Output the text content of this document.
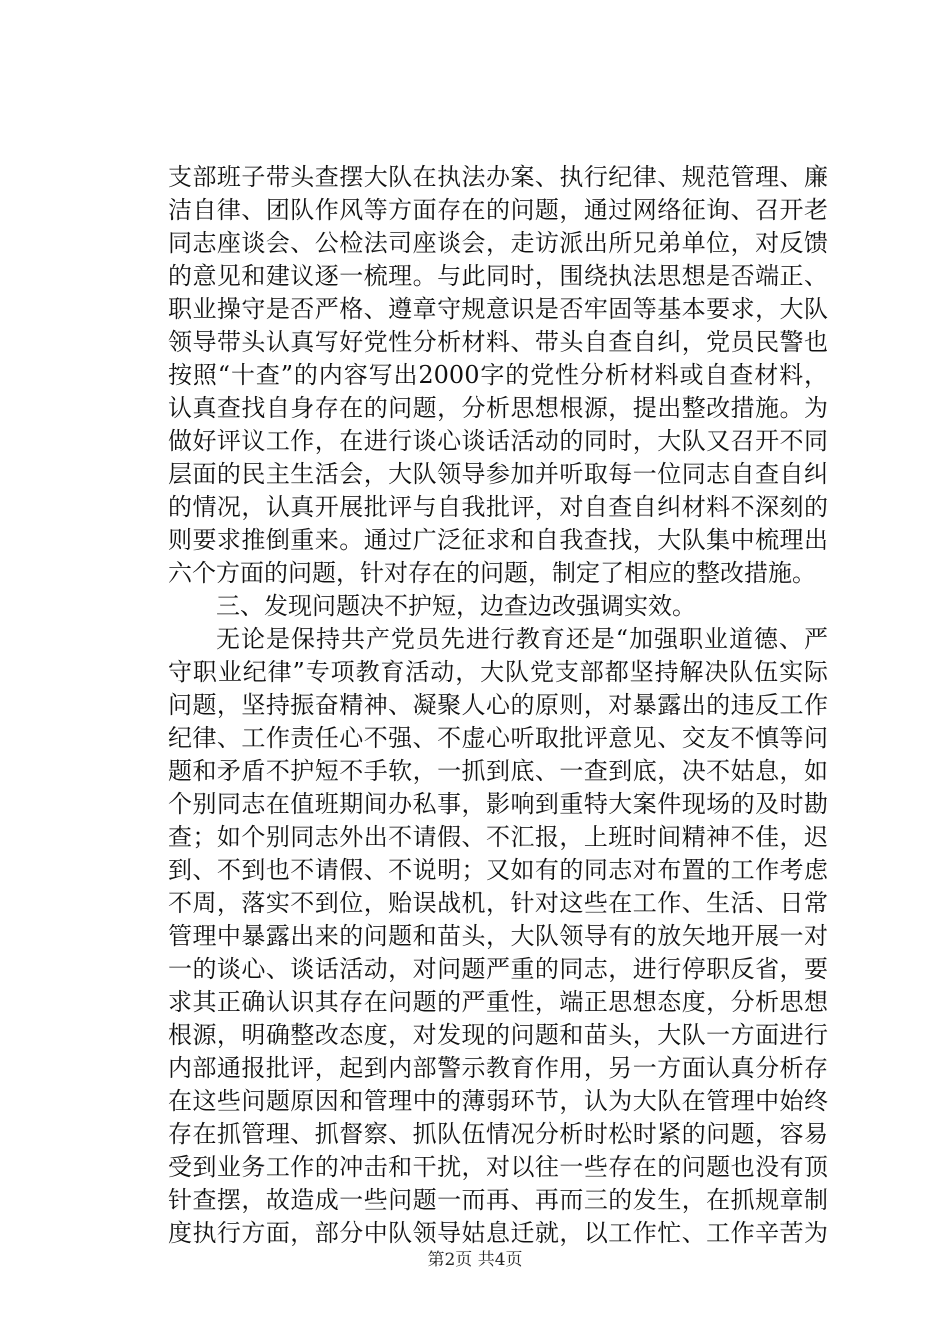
支部班子带头查摆大队在执法办案、执行纪律、规范管理、廉
洁自律、团队作风等方面存在的问题，通过网络征询、召开老
同志座谈会、公检法司座谈会，走访派出所兄弟单位，对反馈
的意见和建议逐一梳理。与此同时，围绕执法思想是否端正、
职业操守是否严格、遵章守规意识是否牢固等基本要求，大队
领导带头认真写好党性分析材料、带头自查自纠，党员民警也
按照“十查”的内容写出2000字的党性分析材料或自查材料，
认真查找自身存在的问题，分析思想根源，提出整改措施。为
做好评议工作，在进行谈心谈话活动的同时，大队又召开不同
层面的民主生活会，大队领导参加并听取每一位同志自查自纠
的情况，认真开展批评与自我批评，对自查自纠材料不深刻的
则要求推倒重来。通过广泛征求和自我查找，大队集中梳理出
六个方面的问题，针对存在的问题，制定了相应的整改措施。
三、发现问题决不护短，边查边改强调实效。
无论是保持共产党员先进行教育还是“加强职业道德、严
守职业纪律”专项教育活动，大队党支部都坚持解决队伍实际
问题，坚持振奋精神、凝聚人心的原则，对暴露出的违反工作
纪律、工作责任心不强、不虚心听取批评意见、交友不慎等问
题和矛盾不护短不手软，一抓到底、一查到底，决不姑息，如
个别同志在值班期间办私事，影响到重特大案件现场的及时勘
查；如个别同志外出不请假、不汇报，上班时间精神不佳，迟
到、不到也不请假、不说明；又如有的同志对布置的工作考虑
不周，落实不到位，贻误战机，针对这些在工作、生活、日常
管理中暴露出来的问题和苗头，大队领导有的放矢地开展一对
一的谈心、谈话活动，对问题严重的同志，进行停职反省，要
求其正确认识其存在问题的严重性，端正思想态度，分析思想
根源，明确整改态度，对发现的问题和苗头，大队一方面进行
内部通报批评，起到内部警示教育作用，另一方面认真分析存
在这些问题原因和管理中的薄弱环节，认为大队在管理中始终
存在抓管理、抓督察、抓队伍情况分析时松时紧的问题，容易
受到业务工作的冲击和干扰，对以往一些存在的问题也没有顶
针查摆，故造成一些问题一而再、再而三的发生，在抓规章制
度执行方面，部分中队领导姑息迁就，以工作忙、工作辛苦为
第2页 共4页
